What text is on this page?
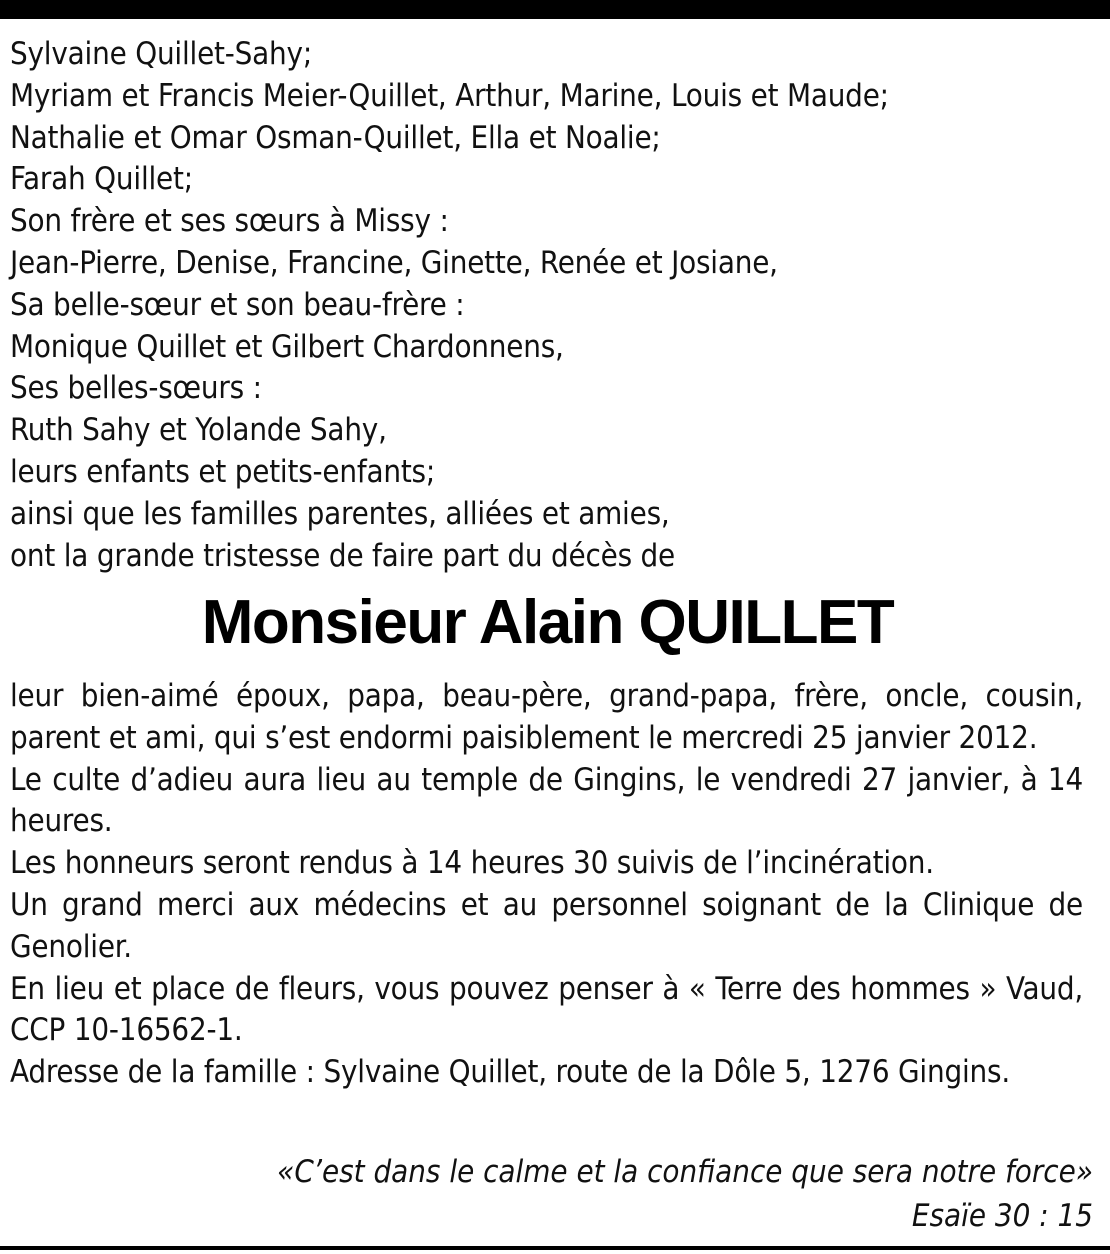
Sylvaine Quillet-Sahy;
Myriam et Francis Meier-Quillet, Arthur, Marine, Louis et Maude;
Nathalie et Omar Osman-Quillet, Ella et Noalie;
Farah Quillet;
Son frère et ses sœurs à Missy :
Jean-Pierre, Denise, Francine, Ginette, Renée et Josiane,
Sa belle-sœur et son beau-frère :
Monique Quillet et Gilbert Chardonnens,
Ses belles-sœurs :
Ruth Sahy et Yolande Sahy,
leurs enfants et petits-enfants;
ainsi que les familles parentes, alliées et amies,
ont la grande tristesse de faire part du décès de
Monsieur Alain QUILLET

leur bien-aimé époux, papa, beau-père, grand-papa, frère, oncle, cousin, parent et ami, qui s’est endormi paisiblement le mercredi 25 janvier 2012.

Le culte d’adieu aura lieu au temple de Gingins, le vendredi 27 janvier, à 14 heures.

Les honneurs seront rendus à 14 heures 30 suivis de l’incinération.

Un grand merci aux médecins et au personnel soignant de la Clinique de Genolier.

En lieu et place de fleurs, vous pouvez penser à « Terre des hommes » Vaud, CCP 10-16562-1.

Adresse de la famille : Sylvaine Quillet, route de la Dôle 5, 1276 Gingins.

«C’est dans le calme et la confiance que sera notre force»
Esaïe 30 : 15
